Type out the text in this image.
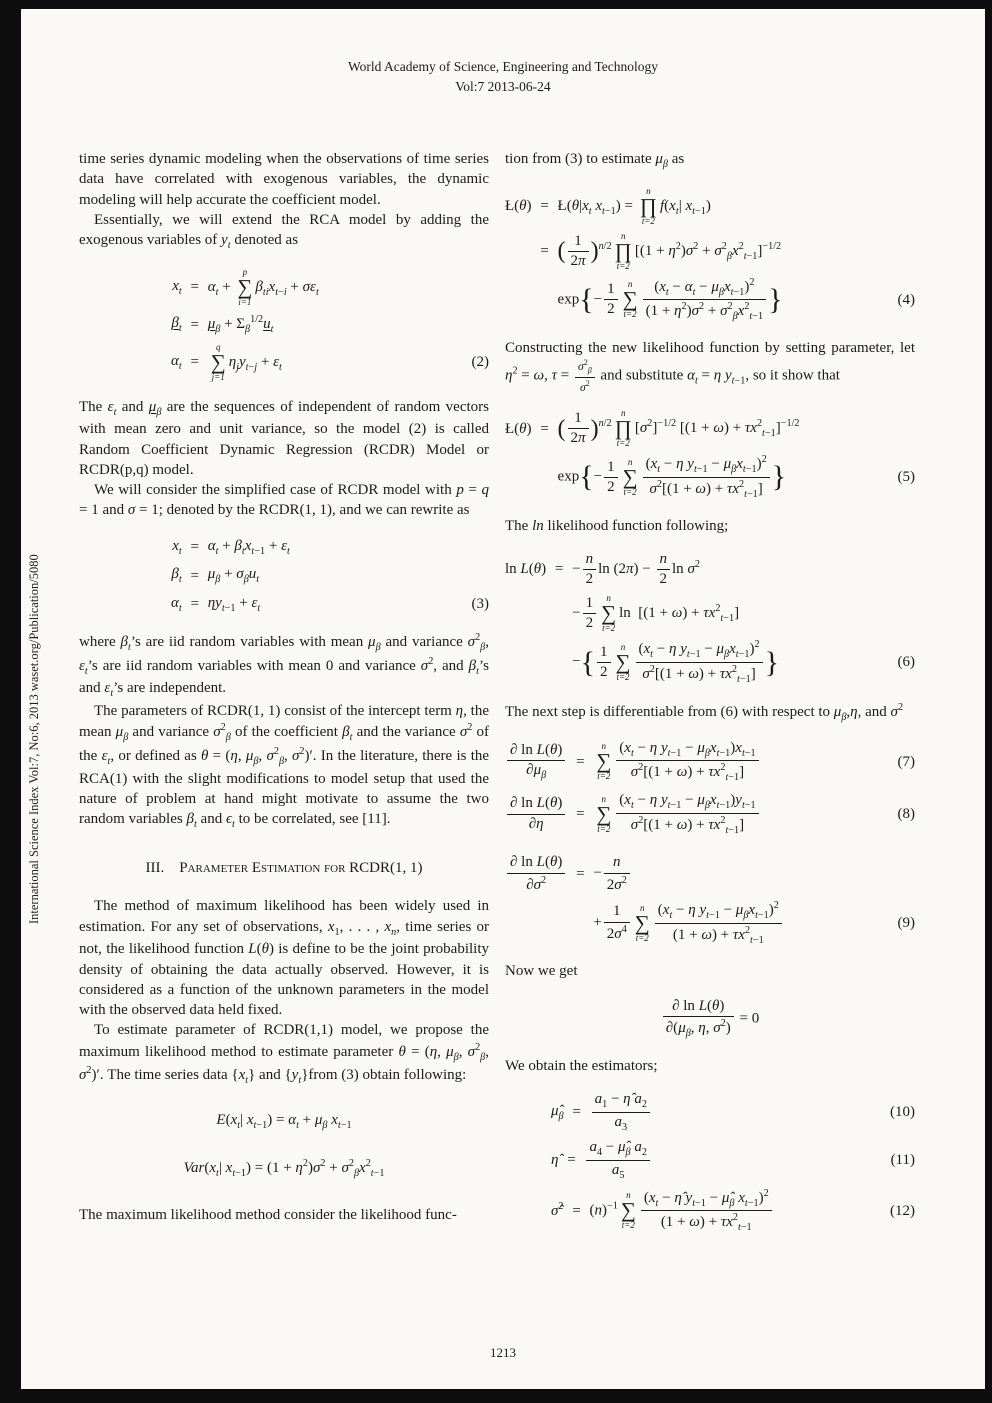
World Academy of Science, Engineering and Technology
Vol:7 2013-06-24
International Science Index Vol:7, No:6, 2013 waset.org/Publication/5080

time series dynamic modeling when the observations of time series data have correlated with exogenous variables, the dynamic modeling will help accurate the coefficient model.

Essentially, we will extend the RCA model by adding the exogenous variables of $y_t$ denoted as

$x_t$	=	$\alpha_t$ +
p
∑
i=1
$\beta_{ti}x_{t-i} + \sigma\varepsilon_t$	
$\beta_t$	=	$\mu_\beta + \Sigma_\beta^{1/2}u_t$	
$\alpha_t$	=	q
∑
j=1
$\eta_jy_{t-j} + \varepsilon_t$	(2)

The $\varepsilon_t$ and $\mu_\beta$ are the sequences of independent of random vectors with mean zero and unit variance, so the model (2) is called Random Coefficient Dynamic Regression (RCDR) Model or RCDR(p,q) model.

We will consider the simplified case of RCDR model with p = q = 1 and σ = 1; denoted by the RCDR(1, 1), and we can rewrite as

$x_t$	=	$\alpha_t + \beta_tx_{t-1} + \varepsilon_t$	
$\beta_t$	=	$\mu_\beta + \sigma_\beta u_t$	
$\alpha_t$	=	$\eta y_{t-1} + \varepsilon_t$	(3)

where $\beta_t’s$ are iid random variables with mean $\mu_\beta$ and variance $\sigma^2_\beta$, $\varepsilon_t’s$ are iid random variables with mean 0 and variance $\sigma^2$, and $\beta_t’s$ and $\varepsilon_t’s$ are independent.

The parameters of RCDR(1, 1) consist of the intercept term η, the mean $\mu_\beta$ and variance $\sigma^2_\beta$ of the coefficient $\beta_t$ and the variance $\sigma^2$ of the $\varepsilon_t$, or defined as θ = (η, $\mu_\beta$, $\sigma^2_\beta$, $\sigma^2)'$. In the literature, there is the RCA(1) with the slight modifications to model setup that used the nature of problem at hand might motivate to assume the two random variables $\beta_t$ and $\epsilon_t$ to be correlated, see [11].

III. Parameter Estimation for RCDR(1, 1)

The method of maximum likelihood has been widely used in estimation. For any set of observations, $x_1$, . . . , $x_n$, time series or not, the likelihood function L(θ) is define to be the joint probability density of obtaining the data actually observed. However, it is considered as a function of the unknown parameters in the model with the observed data held fixed.

To estimate parameter of RCDR(1,1) model, we propose the maximum likelihood method to estimate parameter θ = (η, $\mu_\beta$, $\sigma^2_\beta$, $\sigma^2)'$. The time series data $\{x_t\}$ and $\{y_t\}from$ (3) obtain following:

$E(x_t|$ $x_{t-1}) = \alpha_t + \mu_\beta$ $x_{t-1}$
$Var(x_t|$ $x_{t-1}) = (1 + \eta^2)\sigma^2 + \sigma^2_\beta x^2_{t-1}$

The maximum likelihood method consider the likelihood func-

tion from (3) to estimate $\mu_\beta$ as

Ł(θ)	=	$Ł(\theta|x_t$ $x_{t-1}$) =
n
∏
t=2
$f(x_t|$ $x_{t-1}$)	
	=	( $\frac{1}{2\pi} )^{n/2}$
n
∏
t=2
$[(1 + \eta^2)\sigma^2 + \sigma^2_\beta x^2_{t-1}]^{-1/2}$	
		$\exp\{- \frac{1}{2}$	n
∑
t=2
$(x_t - \alpha_t - \mu_\beta x_{t-1})^2$
$(1 + \eta^2)\sigma^2 + \sigma^2_\beta x^2_{t-1}$
}	(4)

Constructing the new likelihood function by setting parameter, let $\eta^2 = \omega$, $\tau = \frac{\sigma^2_\beta}{\sigma^2}$ and substitute $\alpha_t = \eta$ $y_{t-1}$, so it show that

Ł(θ)	=	( $\frac{1}{2\pi} )^{n/2}$
n
∏
t=2
$[\sigma^2]^{-1/2}$ $[(1 + \omega) + \tau x^2_{t-1}]^{-1/2}$	
		$\exp\{- \frac{1}{2}$	n
∑
t=2
($x_t - \eta$ $y_{t-1} - \mu_\beta x_{t-1})^2$
$\sigma^2[(1 + \omega) + \tau x^2_{t-1}]$ }	(5)

The ln likelihood function following;

ln L(θ)	=	− $\frac{n}{2}$ $\ln (2\pi) - \frac{n}{2}$ $\ln \sigma^2$	
		− $\frac{1}{2}$	n
∑
t=2
ln $[(1 + \omega) + \tau x^2_{t-1}]$	
		−{ $\frac{1}{2}$	n
∑
t=2
($x_t - \eta$ $y_{t-1} - \mu_\beta x_{t-1})^2$
$\sigma^2[(1 + \omega) + \tau x^2_{t-1}]$ }	(6)

The next step is differentiable from (6) with respect to $\mu_\beta,\eta$, and $\sigma^2$

$\frac{\text{∂ ln L(θ)}}{\partial\mu_\beta}$	=	
n
∑
t=2
($x_t - \eta$ $y_{t-1} - \mu_\beta x_{t-1})x_{t-1}$
$\sigma^2[(1 + \omega) + \tau x^2_{t-1}]$
	(7)
$\frac{\text{∂ ln L(θ)}}{\partial\eta}$	=	
n
∑
t=2
($x_t - \eta$ $y_{t-1} - \mu_\beta x_{t-1})y_{t-1}$
$\sigma^2[(1 + \omega) + \tau x^2_{t-1}]$
	(8)
$\frac{\text{∂ ln L(θ)}}{\partial\sigma^2}$	=	− $\frac{n}{2\sigma^2}$

		+ $\frac{1}{2\sigma^4}$	n
∑
t=2
($x_t - \eta$ $y_{t-1} - \mu_\beta x_{t-1})^2$
$(1 + \omega) + \tau x^2_{t-1}$
	(9)

Now we get

$\frac{\text{∂ ln L(θ)}}{\partial(\mu_\beta, \eta, \sigma^2)} = 0$

We obtain the estimators;

$\mû_\beta$	=	$\frac{a_1 - \etâ a_2}{a_3}$	(10)
η̂	=	$\frac{a_4 - \mû_\beta a_2}{a_5}$	(11)
σ̂$^2$	=	$(n)^{-1}$
n
∑
$t=2 \frac{(x_t - \etâ y_{t-1} - \mû_\beta x_{t-1})^2}{(1 + \omega) + \tau x^2_{t-1}}$	(12)
1213
